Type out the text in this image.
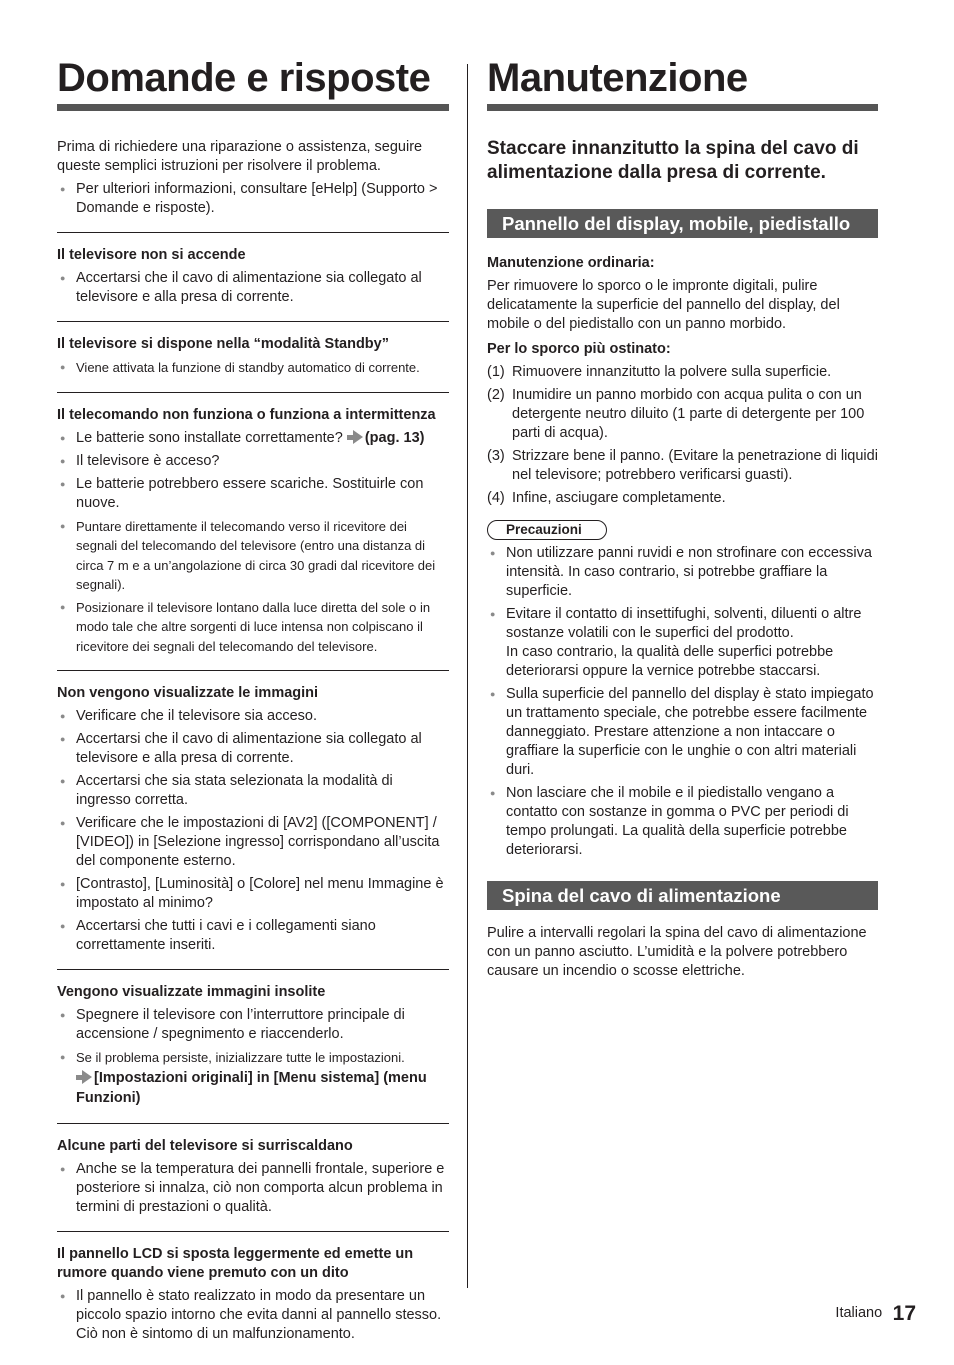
Domande e risposte

Prima di richiedere una riparazione o assistenza, seguire queste semplici istruzioni per risolvere il problema.

● Per ulteriori informazioni, consultare [eHelp] (Supporto > Domande e risposte).
Il televisore non si accende
● Accertarsi che il cavo di alimentazione sia collegato al televisore e alla presa di corrente.
Il televisore si dispone nella “modalità Standby”
● Viene attivata la funzione di standby automatico di corrente.
Il telecomando non funziona o funziona a intermittenza
● Le batterie sono installate correttamente? (pag. 13)
● Il televisore è acceso?
● Le batterie potrebbero essere scariche. Sostituirle con nuove.
● Puntare direttamente il telecomando verso il ricevitore dei segnali del telecomando del televisore (entro una distanza di circa 7 m e a un’angolazione di circa 30 gradi dal ricevitore dei segnali).
● Posizionare il televisore lontano dalla luce diretta del sole o in modo tale che altre sorgenti di luce intensa non colpiscano il ricevitore dei segnali del telecomando del televisore.
Non vengono visualizzate le immagini
● Verificare che il televisore sia acceso.
● Accertarsi che il cavo di alimentazione sia collegato al televisore e alla presa di corrente.
● Accertarsi che sia stata selezionata la modalità di ingresso corretta.
● Verificare che le impostazioni di [AV2] ([COMPONENT] / [VIDEO]) in [Selezione ingresso] corrispondano all’uscita del componente esterno.
● [Contrasto], [Luminosità] o [Colore] nel menu Immagine è impostato al minimo?
● Accertarsi che tutti i cavi e i collegamenti siano correttamente inseriti.
Vengono visualizzate immagini insolite
● Spegnere il televisore con l’interruttore principale di accensione / spegnimento e riaccenderlo.
● Se il problema persiste, inizializzare tutte le impostazioni.
[Impostazioni originali] in [Menu sistema] (menu Funzioni)
Alcune parti del televisore si surriscaldano
● Anche se la temperatura dei pannelli frontale, superiore e posteriore si innalza, ciò non comporta alcun problema in termini di prestazioni o qualità.
Il pannello LCD si sposta leggermente ed emette un rumore quando viene premuto con un dito
● Il pannello è stato realizzato in modo da presentare un piccolo spazio intorno che evita danni al pannello stesso. Ciò non è sintomo di un malfunzionamento.
Manutenzione

Staccare innanzitutto la spina del cavo di alimentazione dalla presa di corrente.

Pannello del display, mobile, piedistallo

Manutenzione ordinaria:

Per rimuovere lo sporco o le impronte digitali, pulire delicatamente la superficie del pannello del display, del mobile o del piedistallo con un panno morbido.

Per lo sporco più ostinato:

(1) Rimuovere innanzitutto la polvere sulla superficie.
(2) Inumidire un panno morbido con acqua pulita o con un detergente neutro diluito (1 parte di detergente per 100 parti di acqua).
(3) Strizzare bene il panno. (Evitare la penetrazione di liquidi nel televisore; potrebbero verificarsi guasti).
(4) Infine, asciugare completamente.
Precauzioni
● Non utilizzare panni ruvidi e non strofinare con eccessiva intensità. In caso contrario, si potrebbe graffiare la superficie.
● Evitare il contatto di insettifughi, solventi, diluenti o altre sostanze volatili con le superfici del prodotto.
In caso contrario, la qualità delle superfici potrebbe deteriorarsi oppure la vernice potrebbe staccarsi.
● Sulla superficie del pannello del display è stato impiegato un trattamento speciale, che potrebbe essere facilmente danneggiato. Prestare attenzione a non intaccare o graffiare la superficie con le unghie o con altri materiali duri.
● Non lasciare che il mobile e il piedistallo vengano a contatto con sostanze in gomma o PVC per periodi di tempo prolungati. La qualità della superficie potrebbe deteriorarsi.
Spina del cavo di alimentazione

Pulire a intervalli regolari la spina del cavo di alimentazione con un panno asciutto. L’umidità e la polvere potrebbero causare un incendio o scosse elettriche.

Italiano 17
